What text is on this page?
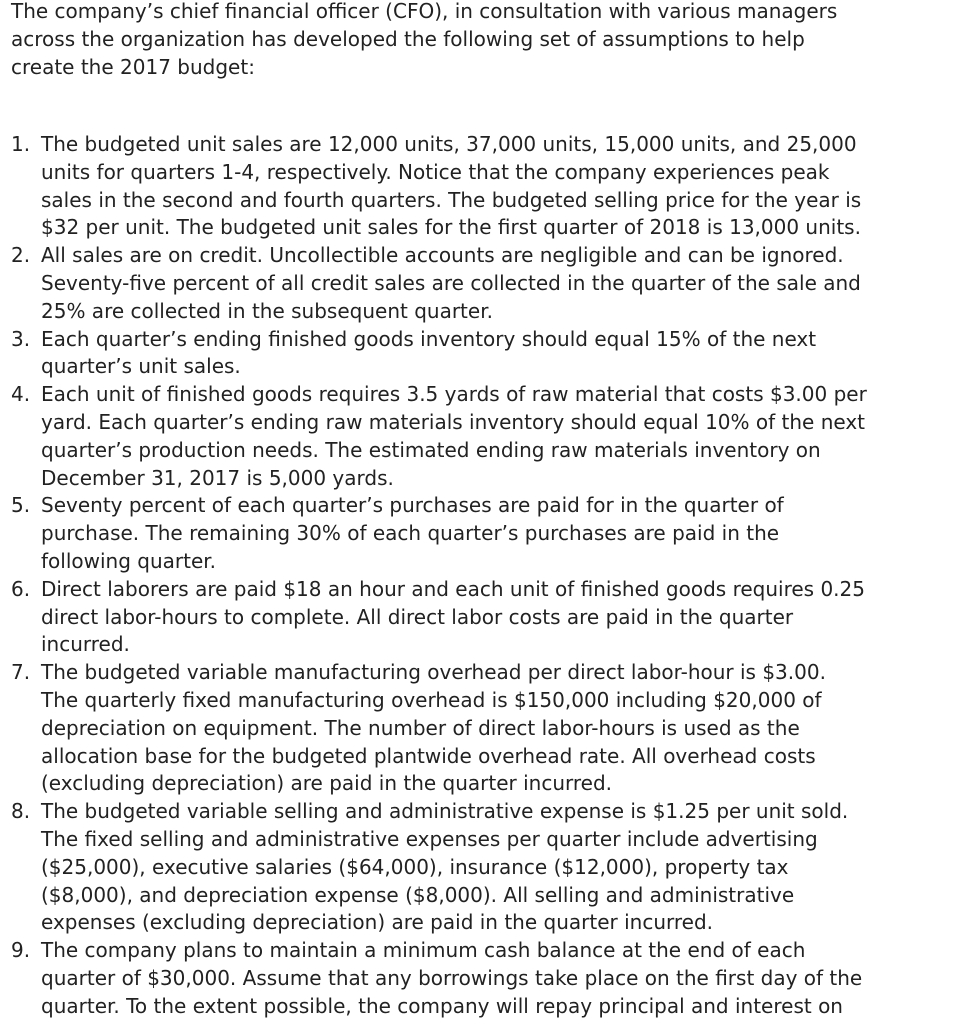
The company’s chief financial officer (CFO), in consultation with various managers
across the organization has developed the following set of assumptions to help
create the 2017 budget:
1. The budgeted unit sales are 12,000 units, 37,000 units, 15,000 units, and 25,000
units for quarters 1-4, respectively. Notice that the company experiences peak
sales in the second and fourth quarters. The budgeted selling price for the year is
$32 per unit. The budgeted unit sales for the first quarter of 2018 is 13,000 units.
2. All sales are on credit. Uncollectible accounts are negligible and can be ignored.
Seventy-five percent of all credit sales are collected in the quarter of the sale and
25% are collected in the subsequent quarter.
3. Each quarter’s ending finished goods inventory should equal 15% of the next
quarter’s unit sales.
4. Each unit of finished goods requires 3.5 yards of raw material that costs $3.00 per
yard. Each quarter’s ending raw materials inventory should equal 10% of the next
quarter’s production needs. The estimated ending raw materials inventory on
December 31, 2017 is 5,000 yards.
5. Seventy percent of each quarter’s purchases are paid for in the quarter of
purchase. The remaining 30% of each quarter’s purchases are paid in the
following quarter.
6. Direct laborers are paid $18 an hour and each unit of finished goods requires 0.25
direct labor-hours to complete. All direct labor costs are paid in the quarter
incurred.
7. The budgeted variable manufacturing overhead per direct labor-hour is $3.00.
The quarterly fixed manufacturing overhead is $150,000 including $20,000 of
depreciation on equipment. The number of direct labor-hours is used as the
allocation base for the budgeted plantwide overhead rate. All overhead costs
(excluding depreciation) are paid in the quarter incurred.
8. The budgeted variable selling and administrative expense is $1.25 per unit sold.
The fixed selling and administrative expenses per quarter include advertising
($25,000), executive salaries ($64,000), insurance ($12,000), property tax
($8,000), and depreciation expense ($8,000). All selling and administrative
expenses (excluding depreciation) are paid in the quarter incurred.
9. The company plans to maintain a minimum cash balance at the end of each
quarter of $30,000. Assume that any borrowings take place on the first day of the
quarter. To the extent possible, the company will repay principal and interest on
